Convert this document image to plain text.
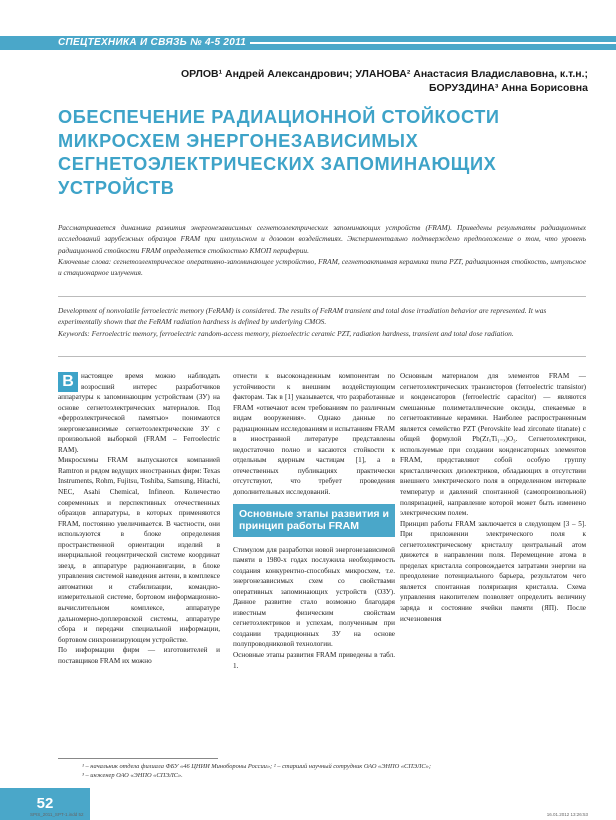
СПЕЦТЕХНИКА И СВЯЗЬ № 4-5 2011
ОРЛОВ¹ Андрей Александрович; УЛАНОВА² Анастасия Владиславовна, к.т.н.;
БОРУЗДИНА³ Анна Борисовна
ОБЕСПЕЧЕНИЕ РАДИАЦИОННОЙ СТОЙКОСТИ МИКРОСХЕМ ЭНЕРГОНЕЗАВИСИМЫХ СЕГНЕТОЭЛЕКТРИЧЕСКИХ ЗАПОМИНАЮЩИХ УСТРОЙСТВ

Рассматривается динамика развития энергонезависимых сегнетоэлектрических запоминающих устройств (FRAM). Приведены результаты радиационных исследований зарубежных образцов FRAM при импульсном и дозовом воздействиях. Экспериментально подтверждено предположение о том, что уровень радиационной стойкости FRAM определяется стойкостью КМОП периферии.

Ключевые слова: сегнетоэлектрическое оперативно-запоминающее устройство, FRAM, сегнетоактивная керамика типа PZT, радиационная стойкость, импульсное и стационарное излучения.

Development of nonvolatile ferroelectric memory (FeRAM) is considered. The results of FeRAM transient and total dose irradiation behavior are represented. It was experimentally shown that the FeRAM radiation hardness is defined by underlying CMOS.

Keywords: Ferroelectric memory, ferroelectric random-access memory, piezoelectric ceramic PZT, radiation hardness, transient and total dose radiation.

В	настоящее время можно наблюдать возросший интерес разработчиков аппаратуры к запоминающим устройствам (ЗУ) на основе сегнетоэлектрических материалов. Под «ферроэлектрической памятью» понимаются энергонезависимые сегнетоэлектрические ЗУ с произвольной выборкой (FRAM – Ferroelectric RAM).

Микросхемы FRAM выпускаются компанией Ramtron и рядом ведущих иностранных фирм: Texas Instruments, Rohm, Fujitsu, Toshiba, Samsung, Hitachi, NEC, Asahi Chemical, Infineon. Количество современных и перспективных отечественных образцов аппаратуры, в которых применяются FRAM, постоянно увеличивается. В частности, они используются в блоке определения пространственной ориентации изделий в инерциальной геоцентрической системе координат звезд, в аппаратуре радионавигации, в блоке управления системой наведения антенн, в комплексе автоматики и стабилизации, командно-измерительной системе, бортовом информационно-вычислительном комплексе, аппаратуре дальномерно-доплеровской системы, аппаратуре сбора и передачи специальной информации, бортовом синхронизирующем устройстве.

По информации фирм — изготовителей и поставщиков FRAM их можно

отнести к высоконадежным компонентам по устойчивости к внешним воздействующим факторам. Так в [1] указывается, что разработанные FRAM «отвечают всем требованиям по различным видам вооружения». Однако данные по радиационным исследованиям и испытаниям FRAM в иностранной литературе представлены недостаточно полно и касаются стойкости к отдельным ядерным частицам [1], а в отечественных публикациях практически отсутствуют, что требует проведения дополнительных исследований.

Основные этапы развития и принцип работы FRAM

Стимулом для разработки новой энергонезависимой памяти в 1980-х годах послужила необходимость создания конкурентно-способных микросхем, т.е. энергонезависимых схем со свойствами оперативных запоминающих устройств (ОЗУ). Данное развитие стало возможно благодаря известным физическим свойствам сегнетоэлектриков и успехам, полученным при создании традиционных ЗУ на основе полупроводниковой технологии.

Основные этапы развития FRAM приведены в табл. 1.

Основным материалом для элементов FRAM — сегнетоэлектрических транзисторов (ferroelectric transistor) и конденсаторов (ferroelectric capacitor) — являются смешанные полиметаллические оксиды, спекаемые в сегнетоактивные керамики. Наиболее распространенным является семейство PZT (Perovskite lead zirconate titanate) с общей формулой Pb(ZrₓTi₁₋ₓ)O₃. Сегнетоэлектрики, используемые при создании конденсаторных элементов FRAM, представляют собой особую группу кристаллических диэлектриков, обладающих в отсутствии внешнего электрического поля в определенном интервале температур и давлений спонтанной (самопроизвольной) поляризацией, направление которой может быть изменено электрическим полем.

Принцип работы FRAM заключается в следующем [3 – 5]. При приложении электрического поля к сегнетоэлектрическому кристаллу центральный атом движется в направлении поля. Перемещение атома в пределах кристалла сопровождается затратами энергии на преодоление потенциального барьера, результатом чего является спонтанная поляризация кристалла. Схема управления накопителем позволяет определить величину заряда и состояние ячейки памяти (ЯП). После исчезновения

¹ – начальник отдела филиала ФБУ «46 ЦНИИ Минобороны России»; ² – старший научный сотрудник ОАО «ЭНПО «СПЭЛС»;
³ – инженер ОАО «ЭНПО «СПЭЛС».
52
SPIS_2011_SPT-1.indd 52	16.01.2012 13:26:53
